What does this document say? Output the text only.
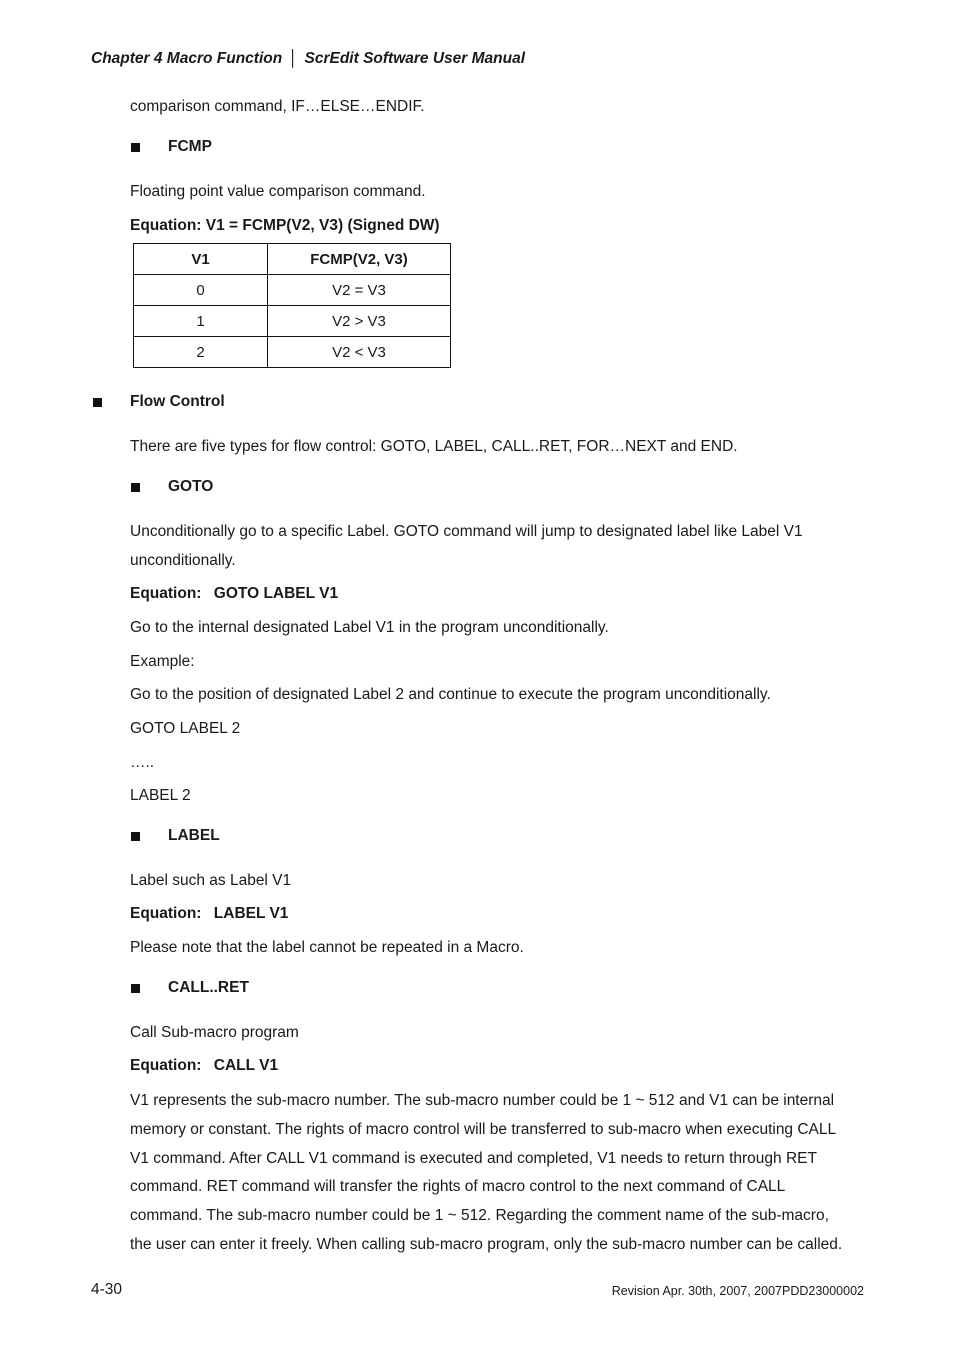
Chapter 4 Macro Function │ ScrEdit Software User Manual
comparison command, IF…ELSE…ENDIF.
FCMP
Floating point value comparison command.
Equation: V1 = FCMP(V2, V3) (Signed DW)
V1	FCMP(V2, V3)
0	V2 = V3
1	V2 > V3
2	V2 < V3
Flow Control
There are five types for flow control: GOTO, LABEL, CALL..RET, FOR…NEXT and END.
GOTO
Unconditionally go to a specific Label. GOTO command will jump to designated label like Label V1
unconditionally.
Equation: GOTO LABEL V1
Go to the internal designated Label V1 in the program unconditionally.
Example:
Go to the position of designated Label 2 and continue to execute the program unconditionally.
GOTO LABEL 2
…..
LABEL 2
LABEL
Label such as Label V1
Equation: LABEL V1
Please note that the label cannot be repeated in a Macro.
CALL..RET
Call Sub-macro program
Equation: CALL V1
V1 represents the sub-macro number. The sub-macro number could be 1 ~ 512 and V1 can be internal
memory or constant. The rights of macro control will be transferred to sub-macro when executing CALL
V1 command. After CALL V1 command is executed and completed, V1 needs to return through RET
command. RET command will transfer the rights of macro control to the next command of CALL
command. The sub-macro number could be 1 ~ 512. Regarding the comment name of the sub-macro,
the user can enter it freely. When calling sub-macro program, only the sub-macro number can be called.
4-30	Revision Apr. 30th, 2007, 2007PDD23000002
